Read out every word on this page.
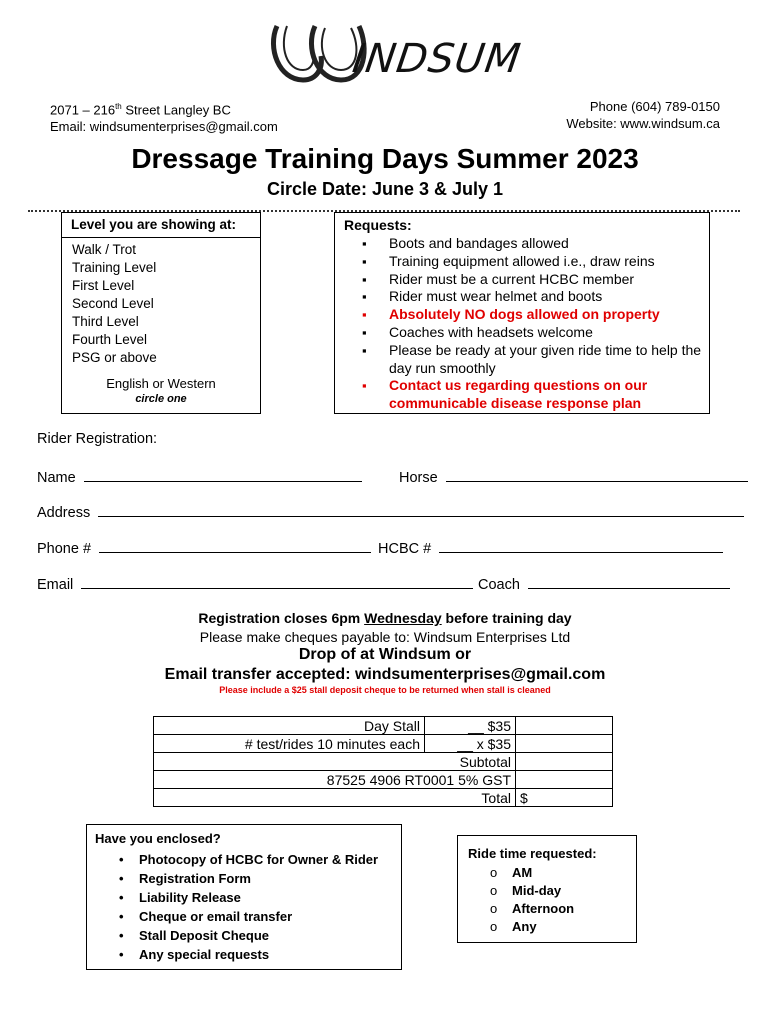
INDSUM
2071 – 216th Street Langley BC
Email: windsumenterprises@gmail.com
Phone (604) 789-0150
Website: www.windsum.ca
Dressage Training Days Summer 2023
Circle Date: June 3 & July 1
Level you are showing at:
Walk / Trot
Training Level
First Level
Second Level
Third Level
Fourth Level
PSG or above
English or Western
circle one
Requests:
▪ Boots and bandages allowed
▪ Training equipment allowed i.e., draw reins
▪ Rider must be a current HCBC member
▪ Rider must wear helmet and boots
▪ Absolutely NO dogs allowed on property
▪ Coaches with headsets welcome
▪ Please be ready at your given ride time to help the day run smoothly
▪ Contact us regarding questions on our communicable disease response plan
Rider Registration:
Name	Horse
Address
Phone #	HCBC #
Email	Coach
Registration closes 6pm Wednesday before training day
Please make cheques payable to: Windsum Enterprises Ltd
Drop of at Windsum or
Email transfer accepted: windsumenterprises@gmail.com
Please include a $25 stall deposit cheque to be returned when stall is cleaned
Day Stall	__ $35	
# test/rides 10 minutes each	__ x $35	
Subtotal		
87525 4906 RT0001 5% GST		
Total		$
Have you enclosed?
• Photocopy of HCBC for Owner & Rider
• Registration Form
• Liability Release
• Cheque or email transfer
• Stall Deposit Cheque
• Any special requests
Ride time requested:
o AM
o Mid-day
o Afternoon
o Any
